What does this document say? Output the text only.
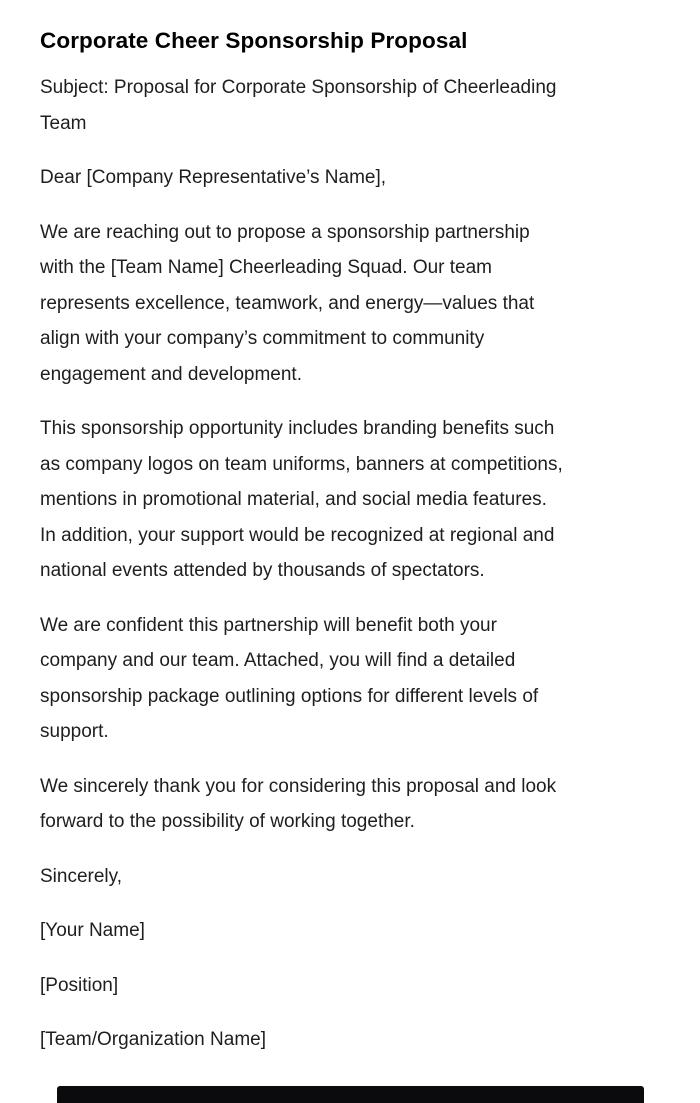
Corporate Cheer Sponsorship Proposal

Subject: Proposal for Corporate Sponsorship of Cheerleading
Team

Dear [Company Representative’s Name],

We are reaching out to propose a sponsorship partnership
with the [Team Name] Cheerleading Squad. Our team
represents excellence, teamwork, and energy—values that
align with your company’s commitment to community
engagement and development.

This sponsorship opportunity includes branding benefits such
as company logos on team uniforms, banners at competitions,
mentions in promotional material, and social media features.
In addition, your support would be recognized at regional and
national events attended by thousands of spectators.

We are confident this partnership will benefit both your
company and our team. Attached, you will find a detailed
sponsorship package outlining options for different levels of
support.

We sincerely thank you for considering this proposal and look
forward to the possibility of working together.

Sincerely,

[Your Name]

[Position]

[Team/Organization Name]
